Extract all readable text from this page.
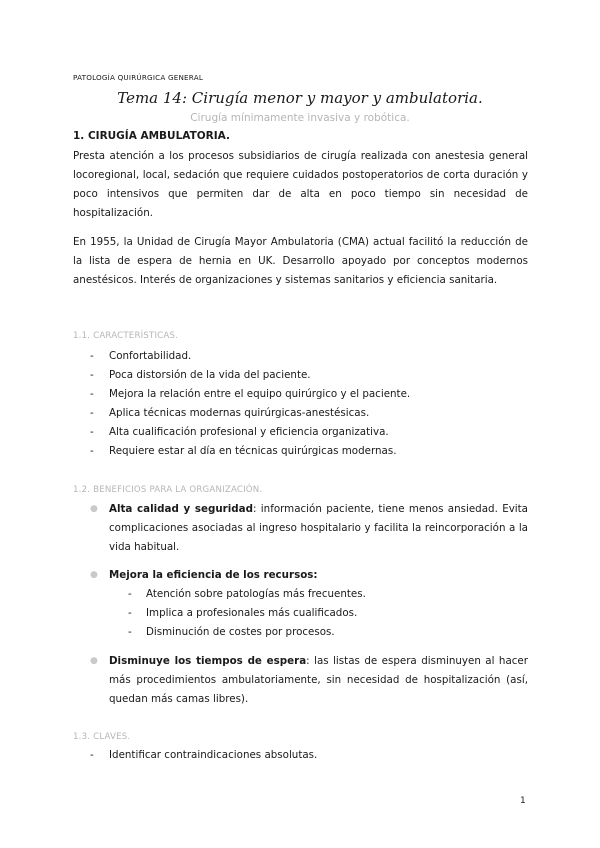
PATOLOGÍA QUIRÚRGICA GENERAL
Tema 14: Cirugía menor y mayor y ambulatoria.
Cirugía mínimamente invasiva y robótica.
1. CIRUGÍA AMBULATORIA.
Presta atención a los procesos subsidiarios de cirugía realizada con anestesia general locoregional, local, sedación que requiere cuidados postoperatorios de corta duración y poco intensivos que permiten dar de alta en poco tiempo sin necesidad de hospitalización.
En 1955, la Unidad de Cirugía Mayor Ambulatoria (CMA) actual facilitó la reducción de la lista de espera de hernia en UK. Desarrollo apoyado por conceptos modernos anestésicos. Interés de organizaciones y sistemas sanitarios y eficiencia sanitaria.
1.1. CARACTERÍSTICAS.
- Confortabilidad.
- Poca distorsión de la vida del paciente.
- Mejora la relación entre el equipo quirúrgico y el paciente.
- Aplica técnicas modernas quirúrgicas-anestésicas.
- Alta cualificación profesional y eficiencia organizativa.
- Requiere estar al día en técnicas quirúrgicas modernas.
1.2. BENEFICIOS PARA LA ORGANIZACIÓN.
● Alta calidad y seguridad: información paciente, tiene menos ansiedad. Evita complicaciones asociadas al ingreso hospitalario y facilita la reincorporación a la vida habitual.
● Mejora la eficiencia de los recursos:
- Atención sobre patologías más frecuentes.
- Implica a profesionales más cualificados.
- Disminución de costes por procesos.
● Disminuye los tiempos de espera: las listas de espera disminuyen al hacer más procedimientos ambulatoriamente, sin necesidad de hospitalización (así, quedan más camas libres).
1.3. CLAVES.
- Identificar contraindicaciones absolutas.
1
